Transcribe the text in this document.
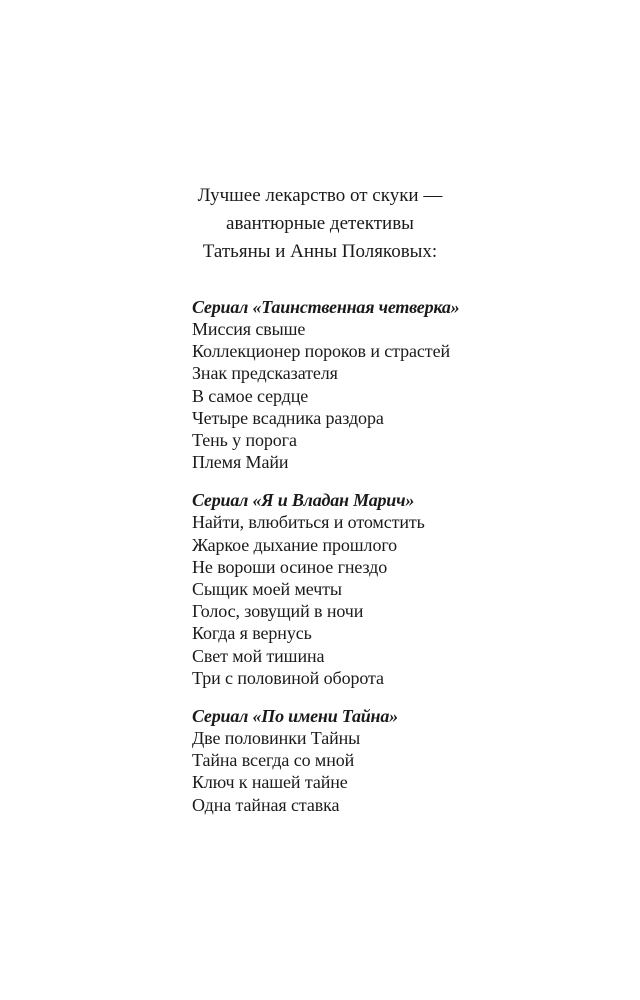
Лучшее лекарство от скуки —
авантюрные детективы
Татьяны и Анны Поляковых:
Сериал «Таинственная четверка»
Миссия свыше
Коллекционер пороков и страстей
Знак предсказателя
В самое сердце
Четыре всадника раздора
Тень у порога
Племя Майи
Сериал «Я и Владан Марич»
Найти, влюбиться и отомстить
Жаркое дыхание прошлого
Не вороши осиное гнездо
Сыщик моей мечты
Голос, зовущий в ночи
Когда я вернусь
Свет мой тишина
Три с половиной оборота
Сериал «По имени Тайна»
Две половинки Тайны
Тайна всегда со мной
Ключ к нашей тайне
Одна тайная ставка
